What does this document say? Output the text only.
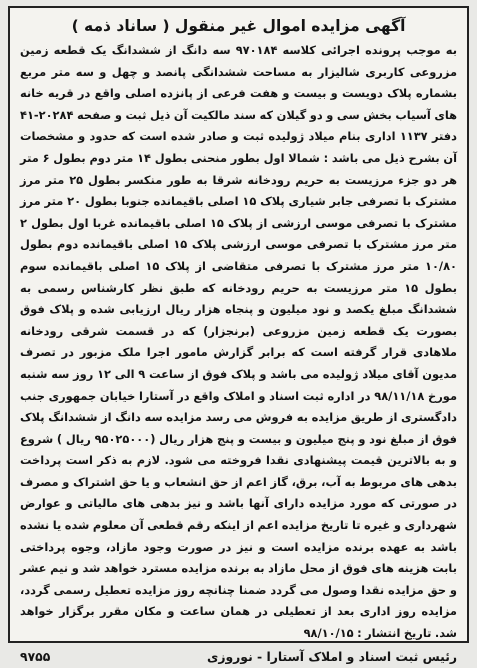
آگهی مزایده اموال غیر منقول ( ساناد ذمه )
به موجب پرونده اجرائی کلاسه ۹۷۰۱۸۴ سه دانگ از ششدانگ یک قطعه زمین مزروعی کاربری شالیزار به مساحت ششدانگی پانصد و چهل و سه متر مربع بشماره پلاک دویست و بیست و هفت فرعی از پانزده اصلی واقع در قریه خانه های آسیاب بخش سی و دو گیلان که سند مالکیت آن ذیل ثبت و صفحه ۲۰۲۸۴-۴۱ دفتر ۱۱۳۷ اداری بنام میلاد ژولیده ثبت و صادر شده است که حدود و مشخصات آن بشرح ذیل می باشد : شمالا اول بطور منحنی بطول ۱۴ متر دوم بطول ۶ متر هر دو جزء مرزیست به حریم رودخانه شرقا به طور منکسر بطول ۲۵ متر مرز مشترک با تصرفی جابر شیاری پلاک ۱۵ اصلی باقیمانده جنوبا بطول ۲۰ متر مرز مشترک با تصرفی موسی ارزشی از پلاک ۱۵ اصلی باقیمانده غربا اول بطول ۲ متر مرز مشترک با تصرفی موسی ارزشی پلاک ۱۵ اصلی باقیمانده دوم بطول ۱۰/۸۰ متر مرز مشترک با تصرفی متقاضی از پلاک ۱۵ اصلی باقیمانده سوم بطول ۱۵ متر مرزیست به حریم رودخانه که طبق نظر کارشناس رسمی به ششدانگ مبلغ یکصد و نود میلیون و پنجاه هزار ریال ارزیابی شده و پلاک فوق بصورت یک قطعه زمین مزروعی (برنجزار) که در قسمت شرقی رودخانه ملاهادی قرار گرفته است که برابر گزارش مامور اجرا ملک مزبور در تصرف مدیون آقای میلاد ژولیده می باشد و پلاک فوق از ساعت ۹ الی ۱۲ روز سه شنبه مورخ ۹۸/۱۱/۱۸ در اداره ثبت اسناد و املاک واقع در آستارا خیابان جمهوری جنب دادگستری از طریق مزایده به فروش می رسد مزایده سه دانگ از ششدانگ پلاک فوق از مبلغ نود و پنج میلیون و بیست و پنج هزار ریال (۹۵۰۲۵۰۰۰ ریال ) شروع و به بالاترین قیمت پیشنهادی نقدا فروخته می شود. لازم به ذکر است پرداخت بدهی های مربوط به آب، برق، گاز اعم از حق انشعاب و یا حق اشتراک و مصرف در صورتی که مورد مزایده دارای آنها باشد و نیز بدهی های مالیاتی و عوارض شهرداری و غیره تا تاریخ مزایده اعم از اینکه رقم قطعی آن معلوم شده یا نشده باشد به عهده برنده مزایده است و نیز در صورت وجود مازاد، وجوه پرداختی بابت هزینه های فوق از محل مازاد به برنده مزایده مسترد خواهد شد و نیم عشر و حق مزایده نقدا وصول می گردد ضمنا چنانچه روز مزایده تعطیل رسمی گردد، مزایده روز اداری بعد از تعطیلی در همان ساعت و مکان مقرر برگزار خواهد شد. تاریخ انتشار : ۹۸/۱۰/۱۵
رئیس ثبت اسناد و املاک آستارا - نوروزی
۹۷۵۵
